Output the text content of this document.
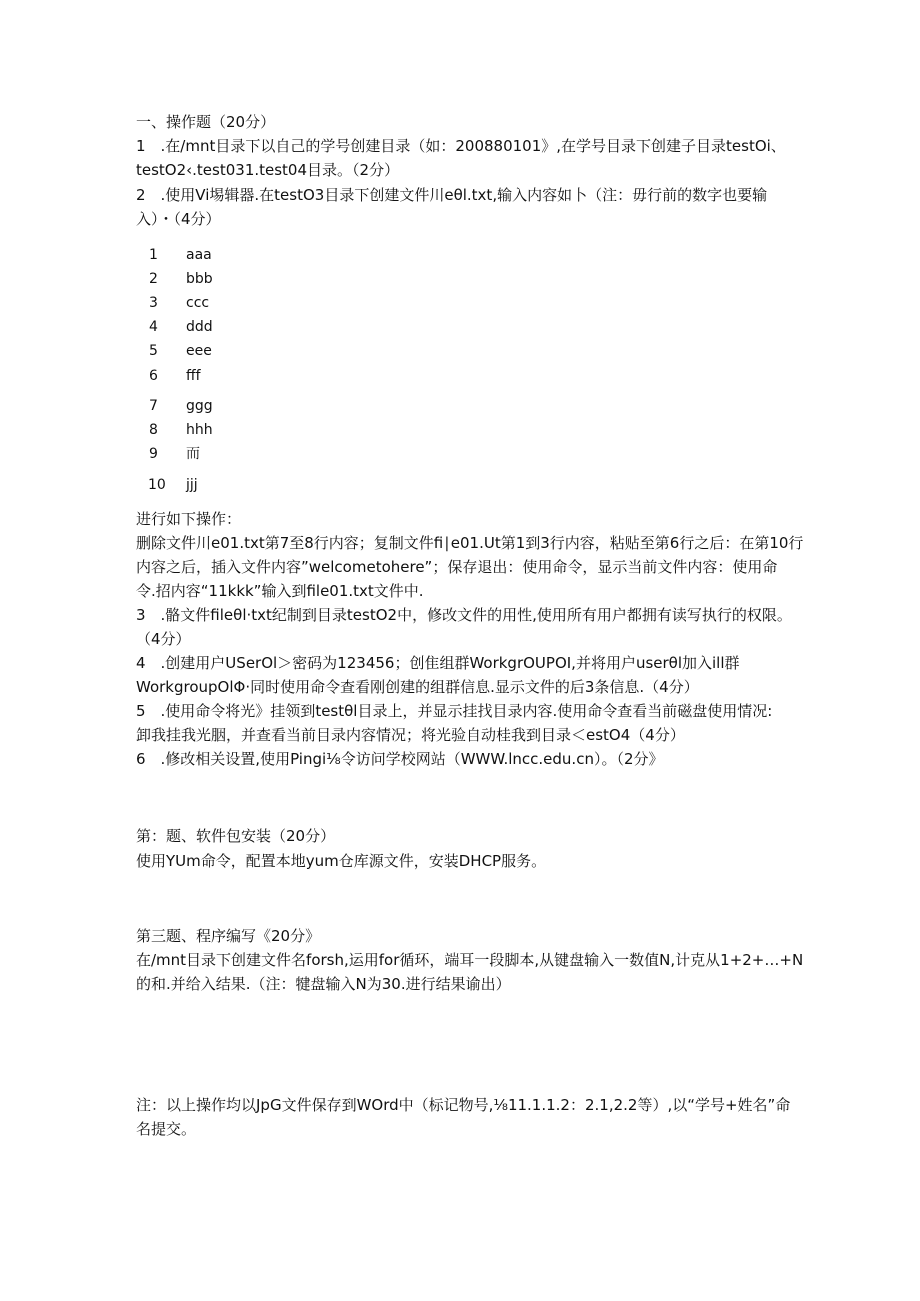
一、操作题（20分）
1　.在/mnt目录下以自己的学号创建目录（如：200880101》,在学号目录下创建子目录testOi、
testO2‹.test031.test04目录。（2分）
2　.使用Vi埸辑器.在testO3目录下创建文件川eθl.txt,输入内容如卜（注：毋行前的数字也要输
入）・（4分）
1 aaa
2 bbb
3 ccc
4 ddd
5 eee
6 fff
7 ggg
8 hhh
9 而
10 jjj
进行如下操作：
删除文件川e01.txt第7至8行内容；复制文件fi∣e01.Ut第1到3行内容，粘贴至第6行之后：在第10行
内容之后，插入文件内容”welcometohere”；保存退出：使用命令，显示当前文件内容：使用命
令.招内容“11kkk”输入到file01.txt文件中.
3　.骼文件fileθl·txt纪制到目录testO2中，修改文件的用性,使用所有用户都拥有读写执行的权限。
（4分）
4　.创建用户USerOl＞密码为123456；创隹组群WorkgrOUPOI,并将用户userθl加入ill群
WorkgroupOlΦ·同时使用命令查看刚创建的组群信息.显示文件的后3条信息.（4分）
5　.使用命令将光》挂领到testθl目录上，并显示挂找目录内容.使用命令查看当前磁盘使用情况:
卸我挂我光胭，并查看当前目录内容情况；将光验自动桂我到目录＜estO4（4分）
6　.修改相关设置,使用Pingi⅛令访问学校网站（WWW.lncc.edu.cn）。（2分》
第：题、软件包安装（20分）
使用YUm命令，配置本地yum仓库源文件，安装DHCP服务。
第三题、程序编写《20分》
在/mnt目录下创建文件名forsh,运用for循环，端耳一段脚本,从键盘输入一数值N,计克从1+2+…+N
的和.并给入结果.（注：犍盘输入N为30.进行结果谕出）
注：以上操作均以JpG文件保存到WOrd中（标记物号,⅛11.1.1.2：2.1,2.2等）,以“学号+姓名”命
名提交。
